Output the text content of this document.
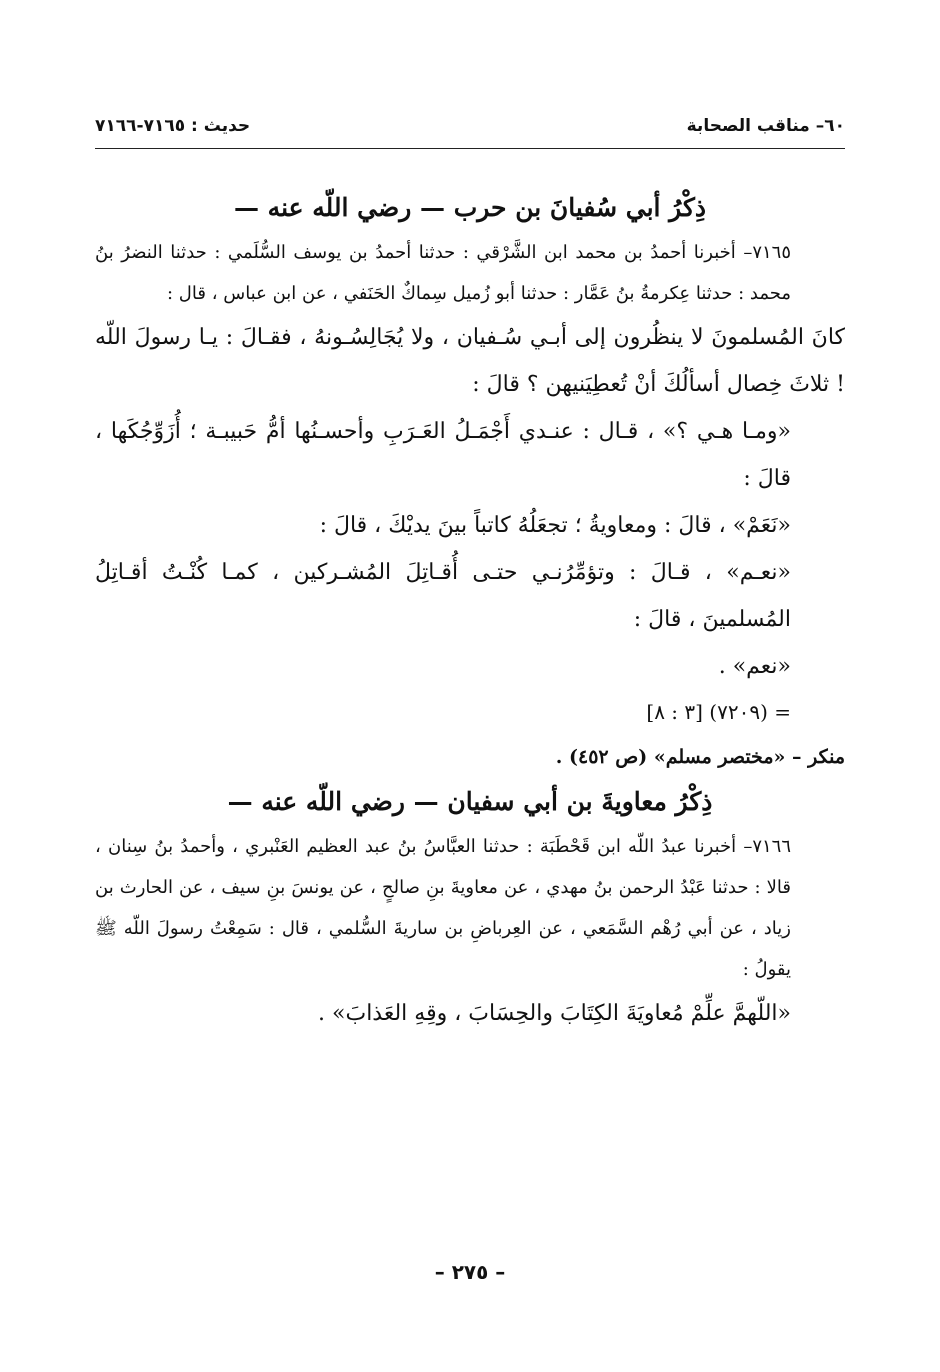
٦٠– مناقب الصحابة
حديث : ٧١٦٥-٧١٦٦
ذِكْرُ أبي سُفيانَ بن حرب — رضي اللّه عنه —

٧١٦٥– أخبرنا أحمدُ بن محمد ابن الشَّرْقي : حدثنا أحمدُ بن يوسف السُّلَمي : حدثنا النضرُ بنُ محمد : حدثنا عِكرمةُ بنُ عَمَّار : حدثنا أبو زُميل سِماكٌ الحَنَفي ، عن ابن عباس ، قال :

كانَ المُسلمونَ لا ينظُرون إلى أبـي سُـفيان ، ولا يُجَالِسُـونهُ ، فقـالَ : يـا رسولَ اللّه ! ثلاثَ خِصال أسألُكَ أنْ تُعطِيَنيهن ؟ قالَ :

«ومـا هـي ؟» ، قـال : عنـدي أَجْمَـلُ العَـرَبِ وأحسـنُها أمُّ حَبيبـة ؛ أُزَوِّجُكَها ، قالَ :

«نَعَمْ» ، قالَ : ومعاويةُ ؛ تجعَلُهُ كاتباً بينَ يديْكَ ، قالَ :

«نعـم» ، قـالَ : وتؤمِّرُنـي حتـى أُقـاتِلَ المُشـركين ، كمـا كُنْـتُ أقـاتِلُ المُسلمينَ ، قالَ :

«نعم» .

= (٧٢٠٩) [٣ : ٨]

منكر – «مختصر مسلم» (ص ٤٥٢) .

ذِكْرُ معاويةَ بن أبي سفيان — رضي اللّه عنه —

٧١٦٦– أخبرنا عبدُ اللّه ابن قَحْطَبَة : حدثنا العبَّاسُ بنُ عبد العظيم العَنْبري ، وأحمدُ بنُ سِنان ، قالا : حدثنا عَبْدُ الرحمن بنُ مهدي ، عن معاويةَ بنِ صالحٍ ، عن يونسَ بنِ سيف ، عن الحارث بن زياد ، عن أبي رُهْم السَّمَعي ، عن العِرباضِ بن ساريةَ السُّلمي ، قال : سَمِعْتُ رسولَ اللّه ﷺ يقولُ :

«اللّهمَّ علِّمْ مُعاويَةَ الكِتَابَ والحِسَابَ ، وقِهِ العَذابَ» .

– ٢٧٥ –
